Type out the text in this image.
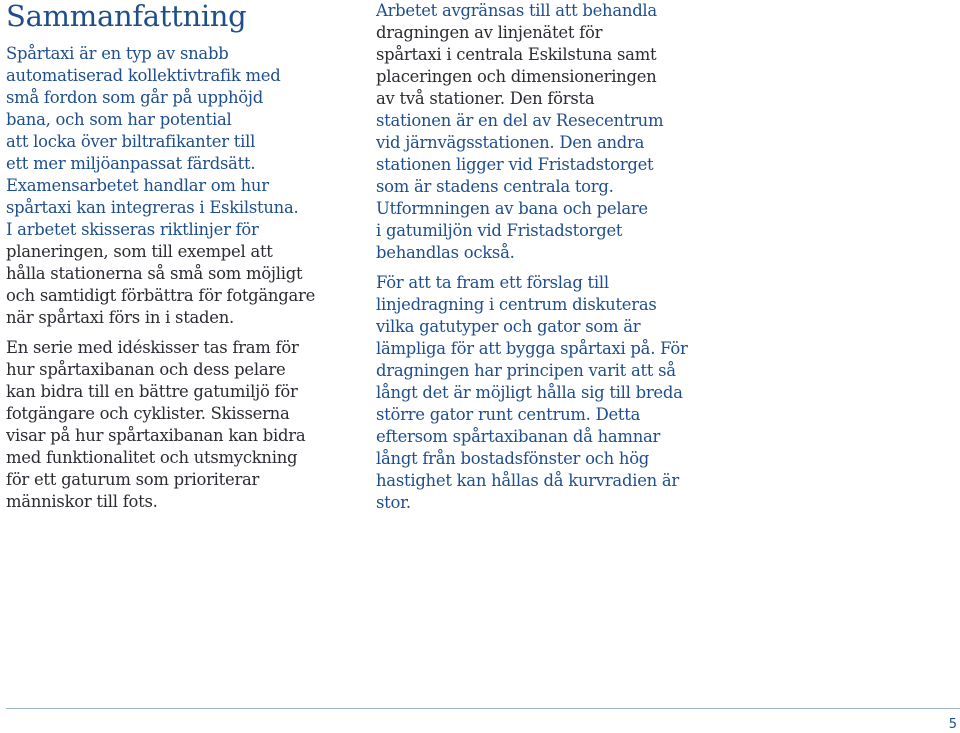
Sammanfattning
Spårtaxi är en typ av snabb
automatiserad kollektivtrafik med
små fordon som går på upphöjd
bana, och som har potential
att locka över biltrafikanter till
ett mer miljöanpassat färdsätt.
Examensarbetet handlar om hur
spårtaxi kan integreras i Eskilstuna.
I arbetet skisseras riktlinjer för
planeringen, som till exempel att
hålla stationerna så små som möjligt
och samtidigt förbättra för fotgängare
när spårtaxi förs in i staden.
En serie med idéskisser tas fram för
hur spårtaxibanan och dess pelare
kan bidra till en bättre gatumiljö för
fotgängare och cyklister. Skisserna
visar på hur spårtaxibanan kan bidra
med funktionalitet och utsmyckning
för ett gaturum som prioriterar
människor till fots.
Arbetet avgränsas till att behandla
dragningen av linjenätet för
spårtaxi i centrala Eskilstuna samt
placeringen och dimensioneringen
av två stationer. Den första
stationen är en del av Resecentrum
vid järnvägsstationen. Den andra
stationen ligger vid Fristadstorget
som är stadens centrala torg.
Utformningen av bana och pelare
i gatumiljön vid Fristadstorget
behandlas också.
För att ta fram ett förslag till
linjedragning i centrum diskuteras
vilka gatutyper och gator som är
lämpliga för att bygga spårtaxi på. För
dragningen har principen varit att så
långt det är möjligt hålla sig till breda
större gator runt centrum. Detta
eftersom spårtaxibanan då hamnar
långt från bostadsfönster och hög
hastighet kan hållas då kurvradien är
stor.
5
